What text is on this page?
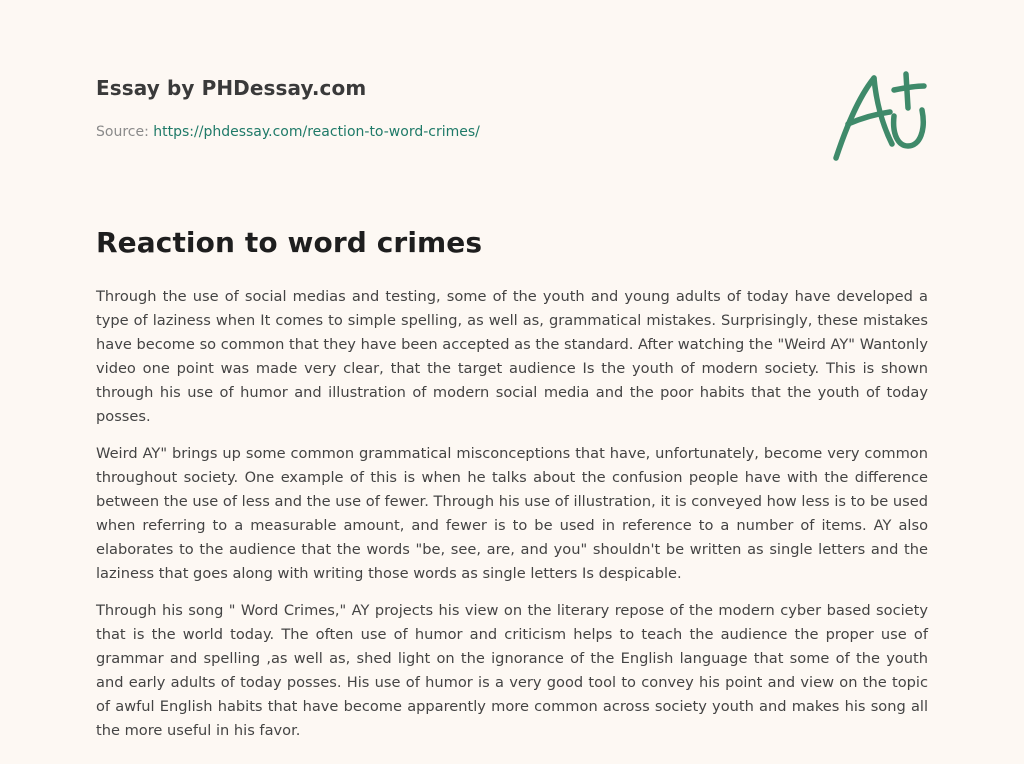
Essay by PHDessay.com
Source: https://phdessay.com/reaction-to-word-crimes/
Reaction to word crimes

Through the use of social medias and testing, some of the youth and young adults of today have developed a type of laziness when It comes to simple spelling, as well as, grammatical mistakes. Surprisingly, these mistakes have become so common that they have been accepted as the standard. After watching the "Weird AY" Wantonly video one point was made very clear, that the target audience Is the youth of modern society. This is shown through his use of humor and illustration of modern social media and the poor habits that the youth of today posses.

Weird AY" brings up some common grammatical misconceptions that have, unfortunately, become very common throughout society. One example of this is when he talks about the confusion people have with the difference between the use of less and the use of fewer. Through his use of illustration, it is conveyed how less is to be used when referring to a measurable amount, and fewer is to be used in reference to a number of items. AY also elaborates to the audience that the words "be, see, are, and you" shouldn't be written as single letters and the laziness that goes along with writing those words as single letters Is despicable.

Through his song " Word Crimes," AY projects his view on the literary repose of the modern cyber based society that is the world today. The often use of humor and criticism helps to teach the audience the proper use of grammar and spelling ,as well as, shed light on the ignorance of the English language that some of the youth and early adults of today posses. His use of humor is a very good tool to convey his point and view on the topic of awful English habits that have become apparently more common across society youth and makes his song all the more useful in his favor.
